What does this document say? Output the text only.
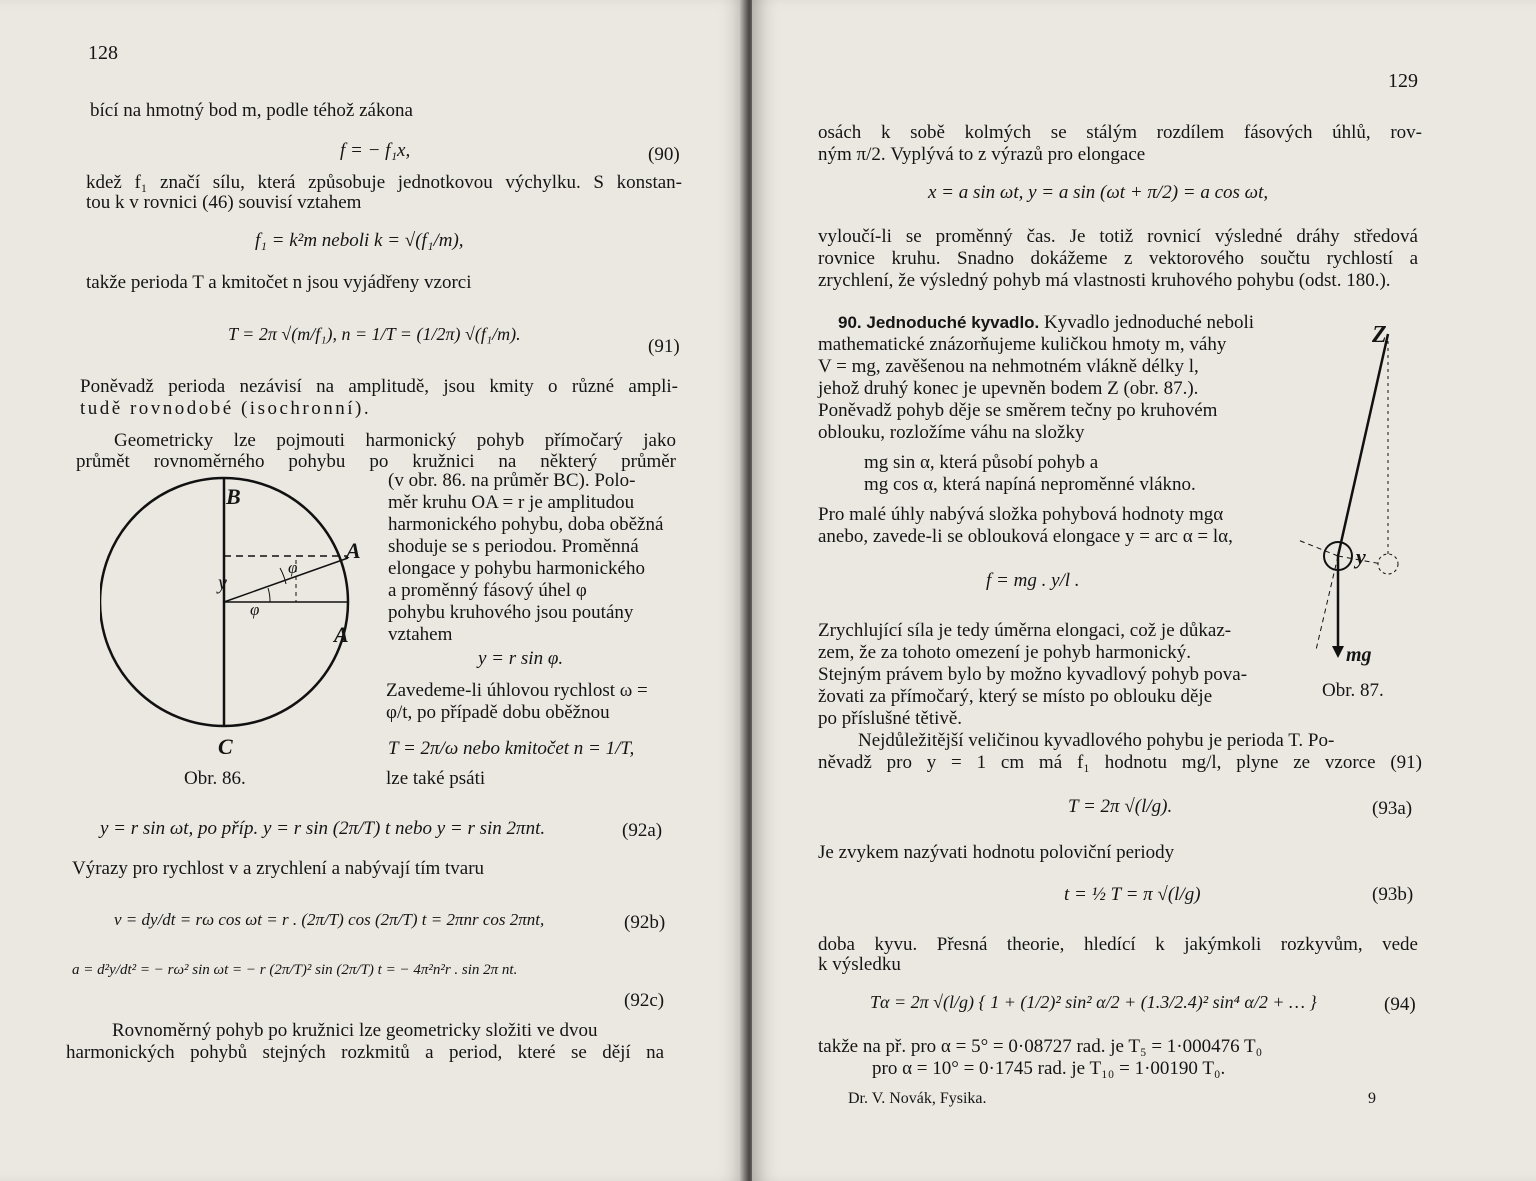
128
bící na hmotný bod m, podle téhož zákona
f = − f₁x,	(90)
kdež f₁ značí sílu, která způsobuje jednotkovou výchylku. S konstan-
tou k v rovnici (46) souvisí vztahem
f₁ = k²m neboli k = √(f₁/m),
takže perioda T a kmitočet n jsou vyjádřeny vzorci
T = 2π √(m/f₁), n = 1/T = (1/2π) √(f₁/m).
(91)
Poněvadž perioda nezávisí na amplitudě, jsou kmity o různé ampli-
tudě rovnodobé (isochronní).
Geometricky lze pojmouti harmonický pohyb přímočarý jako
průmět rovnoměrného pohybu po kružnici na některý průměr
(v obr. 86. na průměr BC). Polo-
měr kruhu OA = r je amplitudou
harmonického pohybu, doba oběžná
shoduje se s periodou. Proměnná
elongace y pohybu harmonického
a proměnný fásový úhel φ
pohybu kruhového jsou poutány
vztahem
y = r sin φ.
Zavedeme-li úhlovou rychlost ω =
φ/t, po případě dobu oběžnou
T = 2π/ω nebo kmitočet n = 1/T,
lze také psáti
B
A
y
φ
φ
A
C
Obr. 86.
y = r sin ωt, po příp. y = r sin (2π/T) t nebo y = r sin 2πnt.	(92a)
Výrazy pro rychlost v a zrychlení a nabývají tím tvaru
v = dy/dt = rω cos ωt = r . (2π/T) cos (2π/T) t = 2πnr cos 2πnt,	(92b)
a = d²y/dt² = − rω² sin ωt = − r (2π/T)² sin (2π/T) t = − 4π²n²r . sin 2π nt.
(92c)
Rovnoměrný pohyb po kružnici lze geometricky složiti ve dvou
harmonických pohybů stejných rozkmitů a period, které se dějí na
129
osách k sobě kolmých se stálým rozdílem fásových úhlů, rov-
ným π/2. Vyplývá to z výrazů pro elongace
x = a sin ωt, y = a sin (ωt + π/2) = a cos ωt,
vyloučí-li se proměnný čas. Je totiž rovnicí výsledné dráhy středová
rovnice kruhu. Snadno dokážeme z vektorového součtu rychlostí a
zrychlení, že výsledný pohyb má vlastnosti kruhového pohybu (odst. 180.).
90. Jednoduché kyvadlo. Kyvadlo jednoduché neboli
mathematické znázorňujeme kuličkou hmoty m, váhy
V = mg, zavěšenou na nehmotném vlákně délky l,
jehož druhý konec je upevněn bodem Z (obr. 87.).
Poněvadž pohyb děje se směrem tečny po kruhovém
oblouku, rozložíme váhu na složky
mg sin α, která působí pohyb a
mg cos α, která napíná neproměnné vlákno.
Pro malé úhly nabývá složka pohybová hodnoty mgα
anebo, zavede-li se oblouková elongace y = arc α = lα,
f = mg . y/l .
Zrychlující síla je tedy úměrna elongaci, což je důkaz-
zem, že za tohoto omezení je pohyb harmonický.
Stejným právem bylo by možno kyvadlový pohyb pova-
žovati za přímočarý, který se místo po oblouku děje
po příslušné tětivě.
Z
y
mg
Obr. 87.
Nejdůležitější veličinou kyvadlového pohybu je perioda T. Po-
něvadž pro y = 1 cm má f₁ hodnotu mg/l, plyne ze vzorce (91)
T = 2π √(l/g).	(93a)
Je zvykem nazývati hodnotu poloviční periody
t = ½ T = π √(l/g)	(93b)
doba kyvu. Přesná theorie, hledící k jakýmkoli rozkyvům, vede
k výsledku
Tα = 2π √(l/g) { 1 + (1/2)² sin² α/2 + (1.3/2.4)² sin⁴ α/2 + … }	(94)
takže na př. pro α = 5° = 0·08727 rad. je T₅ = 1·000476 T₀
pro α = 10° = 0·1745 rad. je T₁₀ = 1·00190 T₀.
Dr. V. Novák, Fysika.	9
